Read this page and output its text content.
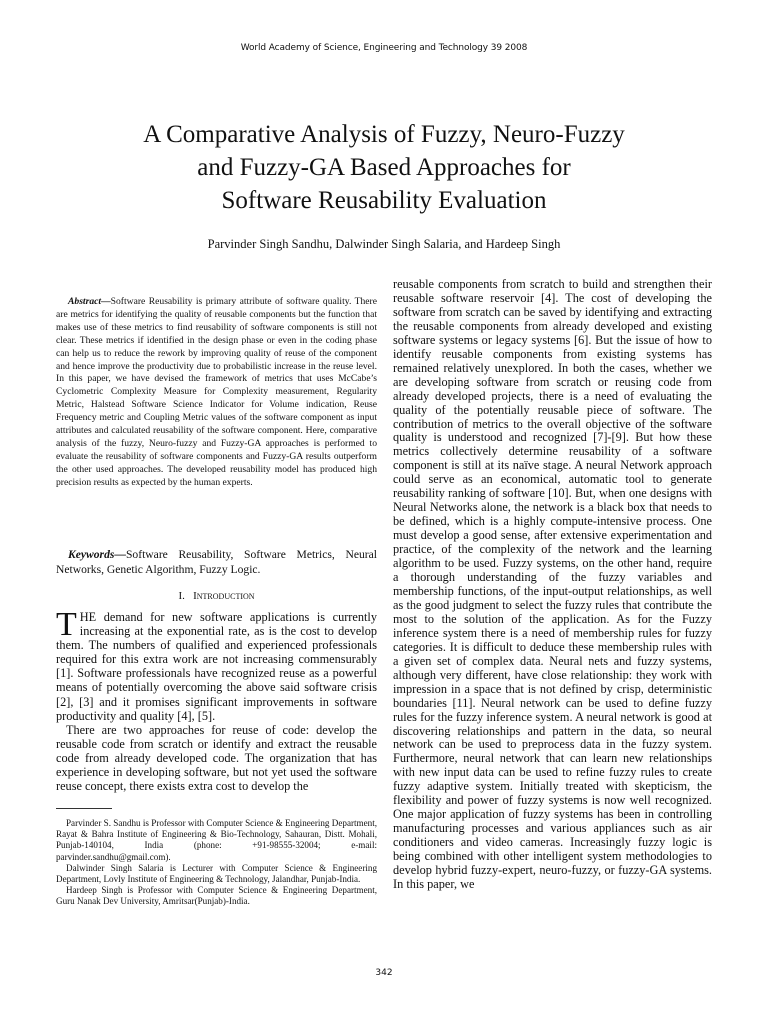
World Academy of Science, Engineering and Technology 39 2008
A Comparative Analysis of Fuzzy, Neuro-Fuzzy
and Fuzzy-GA Based Approaches for
Software Reusability Evaluation
Parvinder Singh Sandhu, Dalwinder Singh Salaria, and Hardeep Singh

Abstract—Software Reusability is primary attribute of software quality. There are metrics for identifying the quality of reusable components but the function that makes use of these metrics to find reusability of software components is still not clear. These metrics if identified in the design phase or even in the coding phase can help us to reduce the rework by improving quality of reuse of the component and hence improve the productivity due to probabilistic increase in the reuse level. In this paper, we have devised the framework of metrics that uses McCabe’s Cyclometric Complexity Measure for Complexity measurement, Regularity Metric, Halstead Software Science Indicator for Volume indication, Reuse Frequency metric and Coupling Metric values of the software component as input attributes and calculated reusability of the software component. Here, comparative analysis of the fuzzy, Neuro-fuzzy and Fuzzy-GA approaches is performed to evaluate the reusability of software components and Fuzzy-GA results outperform the other used approaches. The developed reusability model has produced high precision results as expected by the human experts.

Keywords—Software Reusability, Software Metrics, Neural Networks, Genetic Algorithm, Fuzzy Logic.

I. Introduction

THE demand for new software applications is currently increasing at the exponential rate, as is the cost to develop them. The numbers of qualified and experienced professionals required for this extra work are not increasing commensurably [1]. Software professionals have recognized reuse as a powerful means of potentially overcoming the above said software crisis [2], [3] and it promises significant improvements in software productivity and quality [4], [5].

There are two approaches for reuse of code: develop the reusable code from scratch or identify and extract the reusable code from already developed code. The organization that has experience in developing software, but not yet used the software reuse concept, there exists extra cost to develop the

Parvinder S. Sandhu is Professor with Computer Science & Engineering Department, Rayat & Bahra Institute of Engineering & Bio-Technology, Sahauran, Distt. Mohali, Punjab-140104, India (phone: +91-98555-32004; e-mail: parvinder.sandhu@gmail.com).

Dalwinder Singh Salaria is Lecturer with Computer Science & Engineering Department, Lovly Institute of Engineering & Technology, Jalandhar, Punjab-India.

Hardeep Singh is Professor with Computer Science & Engineering Department, Guru Nanak Dev University, Amritsar(Punjab)-India.

reusable components from scratch to build and strengthen their reusable software reservoir [4]. The cost of developing the software from scratch can be saved by identifying and extracting the reusable components from already developed and existing software systems or legacy systems [6]. But the issue of how to identify reusable components from existing systems has remained relatively unexplored. In both the cases, whether we are developing software from scratch or reusing code from already developed projects, there is a need of evaluating the quality of the potentially reusable piece of software. The contribution of metrics to the overall objective of the software quality is understood and recognized [7]-[9]. But how these metrics collectively determine reusability of a software component is still at its naïve stage. A neural Network approach could serve as an economical, automatic tool to generate reusability ranking of software [10]. But, when one designs with Neural Networks alone, the network is a black box that needs to be defined, which is a highly compute-intensive process. One must develop a good sense, after extensive experimentation and practice, of the complexity of the network and the learning algorithm to be used. Fuzzy systems, on the other hand, require a thorough understanding of the fuzzy variables and membership functions, of the input-output relationships, as well as the good judgment to select the fuzzy rules that contribute the most to the solution of the application. As for the Fuzzy inference system there is a need of membership rules for fuzzy categories. It is difficult to deduce these membership rules with a given set of complex data. Neural nets and fuzzy systems, although very different, have close relationship: they work with impression in a space that is not defined by crisp, deterministic boundaries [11]. Neural network can be used to define fuzzy rules for the fuzzy inference system. A neural network is good at discovering relationships and pattern in the data, so neural network can be used to preprocess data in the fuzzy system. Furthermore, neural network that can learn new relationships with new input data can be used to refine fuzzy rules to create fuzzy adaptive system. Initially treated with skepticism, the flexibility and power of fuzzy systems is now well recognized. One major application of fuzzy systems has been in controlling manufacturing processes and various appliances such as air conditioners and video cameras. Increasingly fuzzy logic is being combined with other intelligent system methodologies to develop hybrid fuzzy-expert, neuro-fuzzy, or fuzzy-GA systems. In this paper, we

342
